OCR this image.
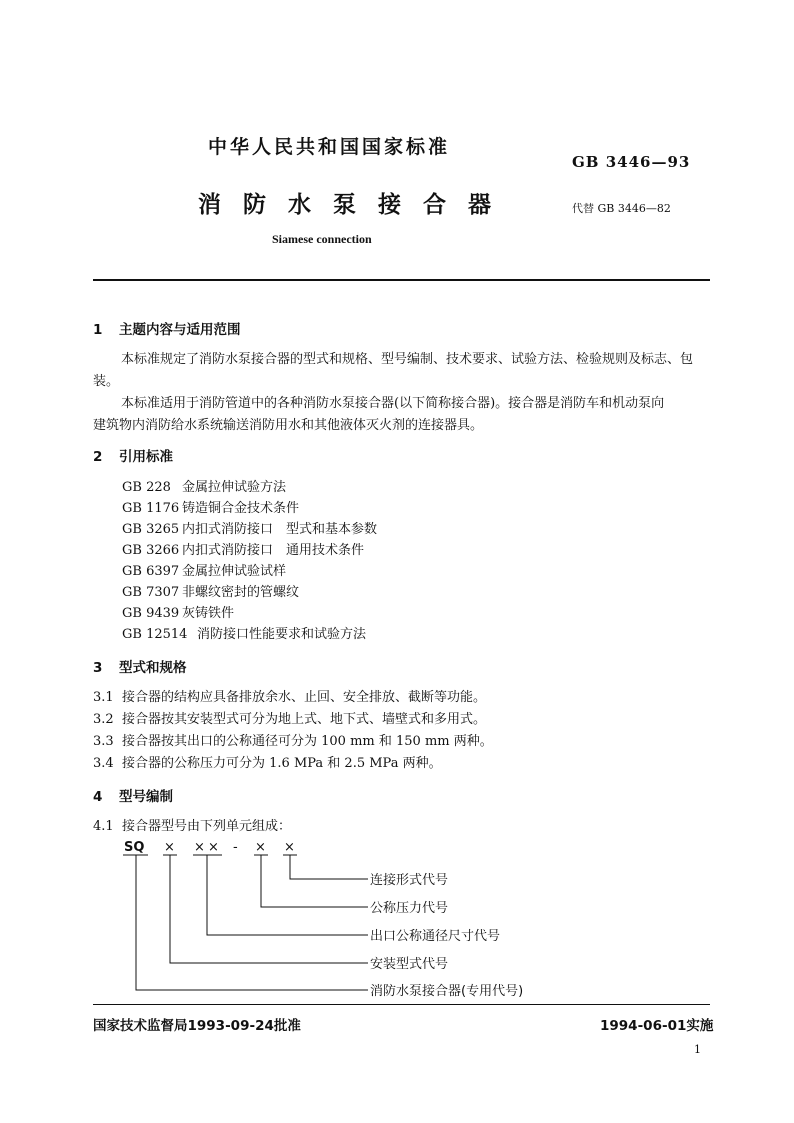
中华人民共和国国家标准
GB 3446—93
消防水泵接合器	代替 GB 3446—82
Siamese connection
1 主题内容与适用范围
本标准规定了消防水泵接合器的型式和规格、型号编制、技术要求、试验方法、检验规则及标志、包
装。
本标准适用于消防管道中的各种消防水泵接合器(以下简称接合器)。接合器是消防车和机动泵向
建筑物内消防给水系统输送消防用水和其他液体灭火剂的连接器具。
2 引用标准
GB 228 金属拉伸试验方法
GB 1176 铸造铜合金技术条件
GB 3265 内扣式消防接口　型式和基本参数
GB 3266 内扣式消防接口　通用技术条件
GB 6397 金属拉伸试验试样
GB 7307 非螺纹密封的管螺纹
GB 9439 灰铸铁件
GB 12514 消防接口性能要求和试验方法
3 型式和规格
3.1 接合器的结构应具备排放余水、止回、安全排放、截断等功能。
3.2 接合器按其安装型式可分为地上式、地下式、墙壁式和多用式。
3.3 接合器按其出口的公称通径可分为 100 mm 和 150 mm 两种。
3.4 接合器的公称压力可分为 1.6 MPa 和 2.5 MPa 两种。
4 型号编制
4.1 接合器型号由下列单元组成：
SQ × × × - × ×
连接形式代号
公称压力代号
出口公称通径尺寸代号
安装型式代号
消防水泵接合器(专用代号)
国家技术监督局1993-09-24批准	1994-06-01实施
1
